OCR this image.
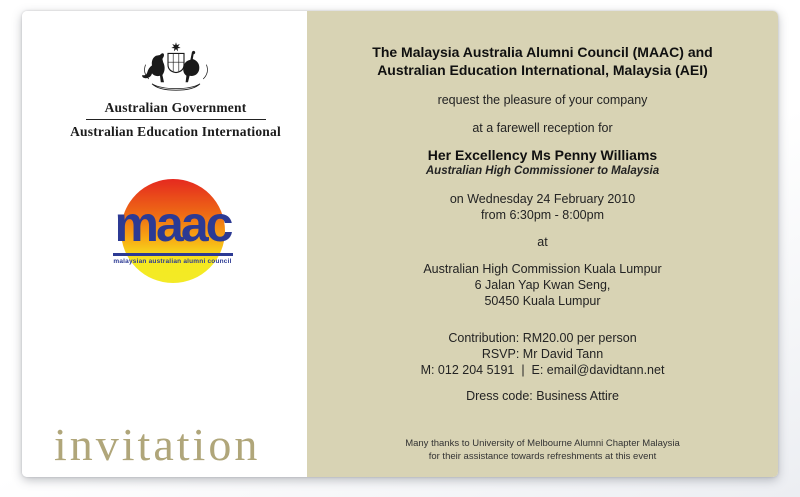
Australian Government
Australian Education International
maac
malaysian australian alumni council
invitation
The Malaysia Australia Alumni Council (MAAC) and
Australian Education International, Malaysia (AEI)
request the pleasure of your company
at a farewell reception for
Her Excellency Ms Penny Williams
Australian High Commissioner to Malaysia
on Wednesday 24 February 2010
from 6:30pm - 8:00pm
at
Australian High Commission Kuala Lumpur
6 Jalan Yap Kwan Seng,
50450 Kuala Lumpur
Contribution: RM20.00 per person
RSVP: Mr David Tann
M: 012 204 5191  |  E: email@davidtann.net
Dress code: Business Attire
Many thanks to University of Melbourne Alumni Chapter Malaysia
for their assistance towards refreshments at this event
